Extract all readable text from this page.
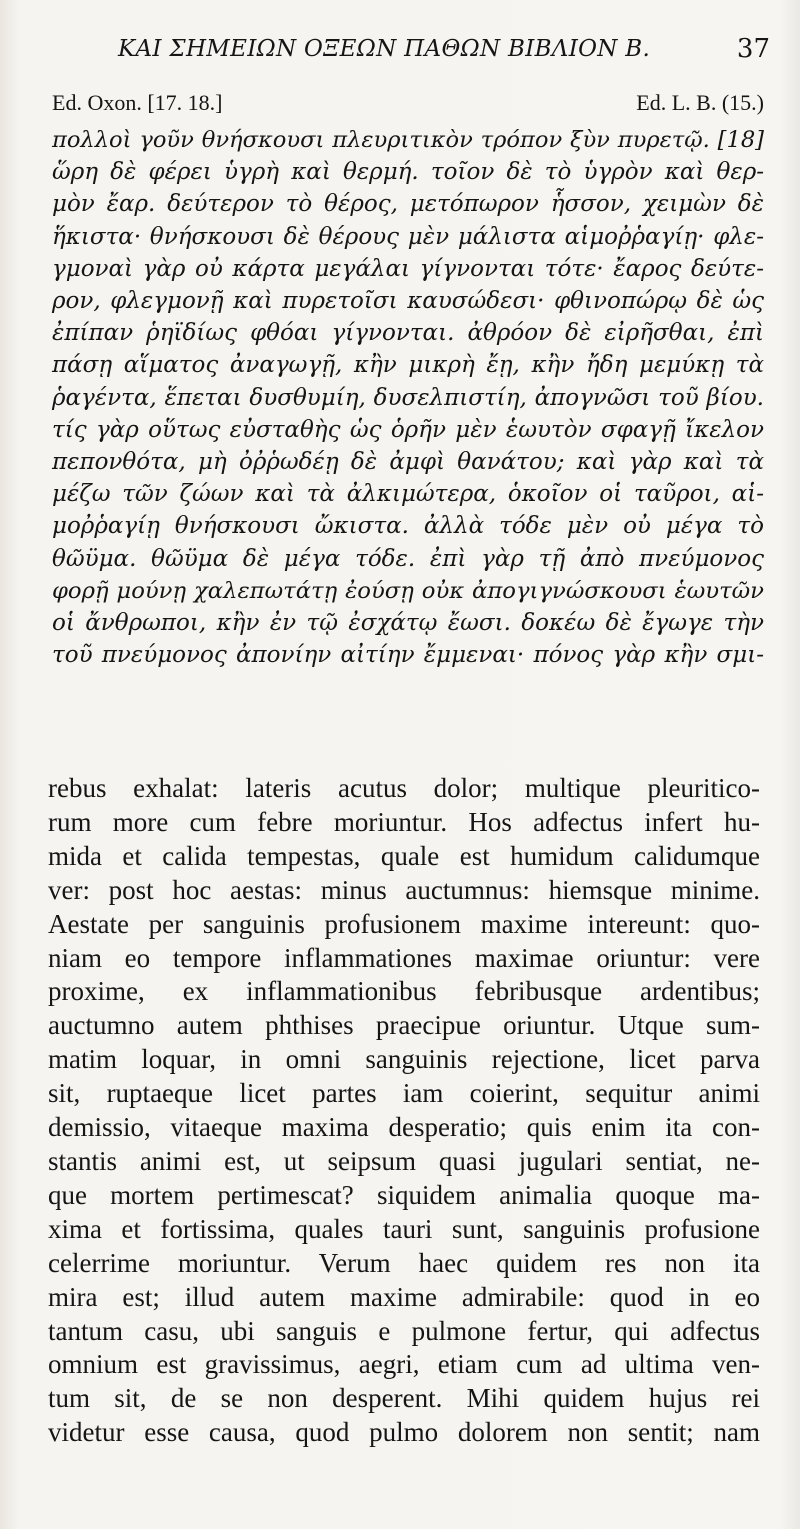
ΚΑΙ ΣΗΜΕΙΩΝ ΟΞΕΩΝ ΠΑΘΩΝ ΒΙΒΛΙΟΝ Β.	37
Ed. Oxon. [17. 18.]	Ed. L. B. (15.)
πολλοὶ γοῦν θνήσκουσι πλευριτικὸν τρόπον ξὺν πυρετῷ. [18]
ὥρη δὲ φέρει ὑγρὴ καὶ θερμή. τοῖον δὲ τὸ ὑγρὸν καὶ θερ-
μὸν ἔαρ. δεύτερον τὸ θέρος, μετόπωρον ἧσσον, χειμὼν δὲ
ἥκιστα· θνήσκουσι δὲ θέρους μὲν μάλιστα αἱμοῤῥαγίῃ· φλε-
γμοναὶ γὰρ οὐ κάρτα μεγάλαι γίγνονται τότε· ἔαρος δεύτε-
ρον, φλεγμονῇ καὶ πυρετοῖσι καυσώδεσι· φθινοπώρῳ δὲ ὡς
ἐπίπαν ῥηϊδίως φθόαι γίγνονται. ἀθρόον δὲ εἰρῆσθαι, ἐπὶ
πάσῃ αἵματος ἀναγωγῇ, κἢν μικρὴ ἔῃ, κἢν ἤδη μεμύκῃ τὰ
ῥαγέντα, ἕπεται δυσθυμίη, δυσελπιστίη, ἀπογνῶσι τοῦ βίου.
τίς γὰρ οὕτως εὐσταθὴς ὡς ὁρῆν μὲν ἑωυτὸν σφαγῇ ἴκελον
πεπονθότα, μὴ ὀῤῥωδέῃ δὲ ἀμφὶ θανάτου; καὶ γὰρ καὶ τὰ
μέζω τῶν ζώων καὶ τὰ ἀλκιμώτερα, ὁκοῖον οἱ ταῦροι, αἱ-
μοῤῥαγίῃ θνήσκουσι ὤκιστα. ἀλλὰ τόδε μὲν οὐ μέγα τὸ
θῶϋμα. θῶϋμα δὲ μέγα τόδε. ἐπὶ γὰρ τῇ ἀπὸ πνεύμονος
φορῇ μούνῃ χαλεπωτάτῃ ἐούσῃ οὐκ ἀπογιγνώσκουσι ἑωυτῶν
οἱ ἄνθρωποι, κἢν ἐν τῷ ἐσχάτῳ ἔωσι. δοκέω δὲ ἔγωγε τὴν
τοῦ πνεύμονος ἀπονίην αἰτίην ἔμμεναι· πόνος γὰρ κἢν σμι-
rebus exhalat: lateris acutus dolor; multique pleuritico-
rum more cum febre moriuntur. Hos adfectus infert hu-
mida et calida tempestas, quale est humidum calidumque
ver: post hoc aestas: minus auctumnus: hiemsque minime.
Aestate per sanguinis profusionem maxime intereunt: quo-
niam eo tempore inflammationes maximae oriuntur: vere
proxime, ex inflammationibus febribusque ardentibus;
auctumno autem phthises praecipue oriuntur. Utque sum-
matim loquar, in omni sanguinis rejectione, licet parva
sit, ruptaeque licet partes iam coierint, sequitur animi
demissio, vitaeque maxima desperatio; quis enim ita con-
stantis animi est, ut seipsum quasi jugulari sentiat, ne-
que mortem pertimescat? siquidem animalia quoque ma-
xima et fortissima, quales tauri sunt, sanguinis profusione
celerrime moriuntur. Verum haec quidem res non ita
mira est; illud autem maxime admirabile: quod in eo
tantum casu, ubi sanguis e pulmone fertur, qui adfectus
omnium est gravissimus, aegri, etiam cum ad ultima ven-
tum sit, de se non desperent. Mihi quidem hujus rei
videtur esse causa, quod pulmo dolorem non sentit; nam
